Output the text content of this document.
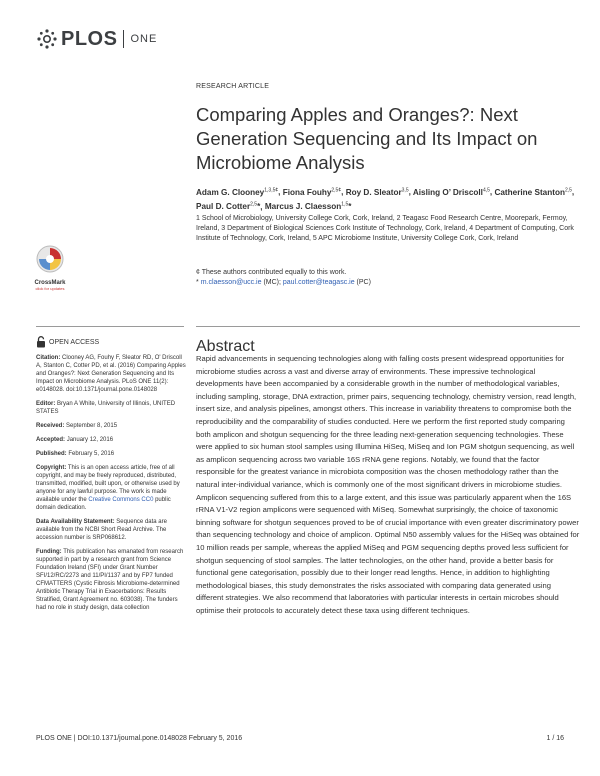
PLOS ONE
RESEARCH ARTICLE
Comparing Apples and Oranges?: Next Generation Sequencing and Its Impact on Microbiome Analysis
Adam G. Clooney$^{1,3,5¢}$, Fiona Fouhy$^{2,5¢}$, Roy D. Sleator$^{3,5}$, Aisling O’ Driscoll$^{4,5}$, Catherine Stanton$^{2,5}$, Paul D. Cotter$^{2,5}$*, Marcus J. Claesson$^{1,5}$*
1 School of Microbiology, University College Cork, Cork, Ireland, 2 Teagasc Food Research Centre, Moorepark, Fermoy, Ireland, 3 Department of Biological Sciences Cork Institute of Technology, Cork, Ireland, 4 Department of Computing, Cork Institute of Technology, Cork, Ireland, 5 APC Microbiome Institute, University College Cork, Cork, Ireland
¢ These authors contributed equally to this work.
* m.claesson@ucc.ie (MC); paul.cotter@teagasc.ie (PC)
CrossMark
click for updates
OPEN ACCESS
Citation: Clooney AG, Fouhy F, Sleator RD, O' Driscoll A, Stanton C, Cotter PD, et al. (2016) Comparing Apples and Oranges?: Next Generation Sequencing and Its Impact on Microbiome Analysis. PLoS ONE 11(2): e0148028. doi:10.1371/journal.pone.0148028
Editor: Bryan A White, University of Illinois, UNITED STATES
Received: September 8, 2015
Accepted: January 12, 2016
Published: February 5, 2016
Copyright: This is an open access article, free of all copyright, and may be freely reproduced, distributed, transmitted, modified, built upon, or otherwise used by anyone for any lawful purpose. The work is made available under the Creative Commons CC0 public domain dedication.
Data Availability Statement: Sequence data are available from the NCBI Short Read Archive. The accession number is SRP068612.
Funding: This publication has emanated from research supported in part by a research grant from Science Foundation Ireland (SFI) under Grant Number SFI/12/RC/2273 and 11/PI/1137 and by FP7 funded CFMATTERS (Cystic Fibrosis Microbiome-determined Antibiotic Therapy Trial in Exacerbations: Results Stratified, Grant Agreement no. 603038). The funders had no role in study design, data collection
Abstract
Rapid advancements in sequencing technologies along with falling costs present widespread opportunities for microbiome studies across a vast and diverse array of environments. These impressive technological developments have been accompanied by a considerable growth in the number of methodological variables, including sampling, storage, DNA extraction, primer pairs, sequencing technology, chemistry version, read length, insert size, and analysis pipelines, amongst others. This increase in variability threatens to compromise both the reproducibility and the comparability of studies conducted. Here we perform the first reported study comparing both amplicon and shotgun sequencing for the three leading next-generation sequencing technologies. These were applied to six human stool samples using Illumina HiSeq, MiSeq and Ion PGM shotgun sequencing, as well as amplicon sequencing across two variable 16S rRNA gene regions. Notably, we found that the factor responsible for the greatest variance in microbiota composition was the chosen methodology rather than the natural inter-individual variance, which is commonly one of the most significant drivers in microbiome studies. Amplicon sequencing suffered from this to a large extent, and this issue was particularly apparent when the 16S rRNA V1-V2 region amplicons were sequenced with MiSeq. Somewhat surprisingly, the choice of taxonomic binning software for shotgun sequences proved to be of crucial importance with even greater discriminatory power than sequencing technology and choice of amplicon. Optimal N50 assembly values for the HiSeq was obtained for 10 million reads per sample, whereas the applied MiSeq and PGM sequencing depths proved less sufficient for shotgun sequencing of stool samples. The latter technologies, on the other hand, provide a better basis for functional gene categorisation, possibly due to their longer read lengths. Hence, in addition to highlighting methodological biases, this study demonstrates the risks associated with comparing data generated using different strategies. We also recommend that laboratories with particular interests in certain microbes should optimise their protocols to accurately detect these taxa using different techniques.
PLOS ONE | DOI:10.1371/journal.pone.0148028 February 5, 2016	1 / 16
